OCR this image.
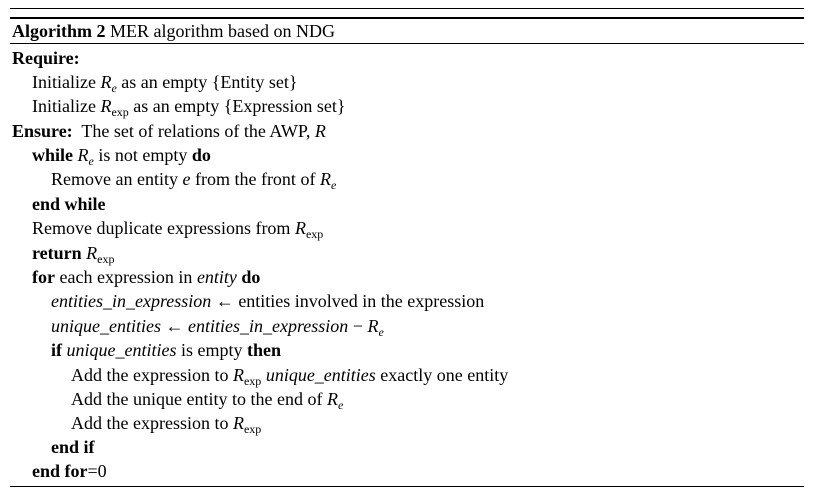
Algorithm 2 MER algorithm based on NDG
Require:
Initialize $R_e$ as an empty {Entity set}
Initialize $R_{exp}$ as an empty {Expression set}
Ensure: The set of relations of the AWP, R
while $R_e$ is not empty do
Remove an entity e from the front of $R_e$
end while
Remove duplicate expressions from $R_{exp}$
return $R_{exp}$
for each expression in entity do
entities_in_expression ← entities involved in the expression
unique_entities ← entities_in_expression − $R_e$
if unique_entities is empty then
Add the expression to $R_{exp}$ unique_entities exactly one entity
Add the unique entity to the end of $R_e$
Add the expression to $R_{exp}$
end if
end for=0
